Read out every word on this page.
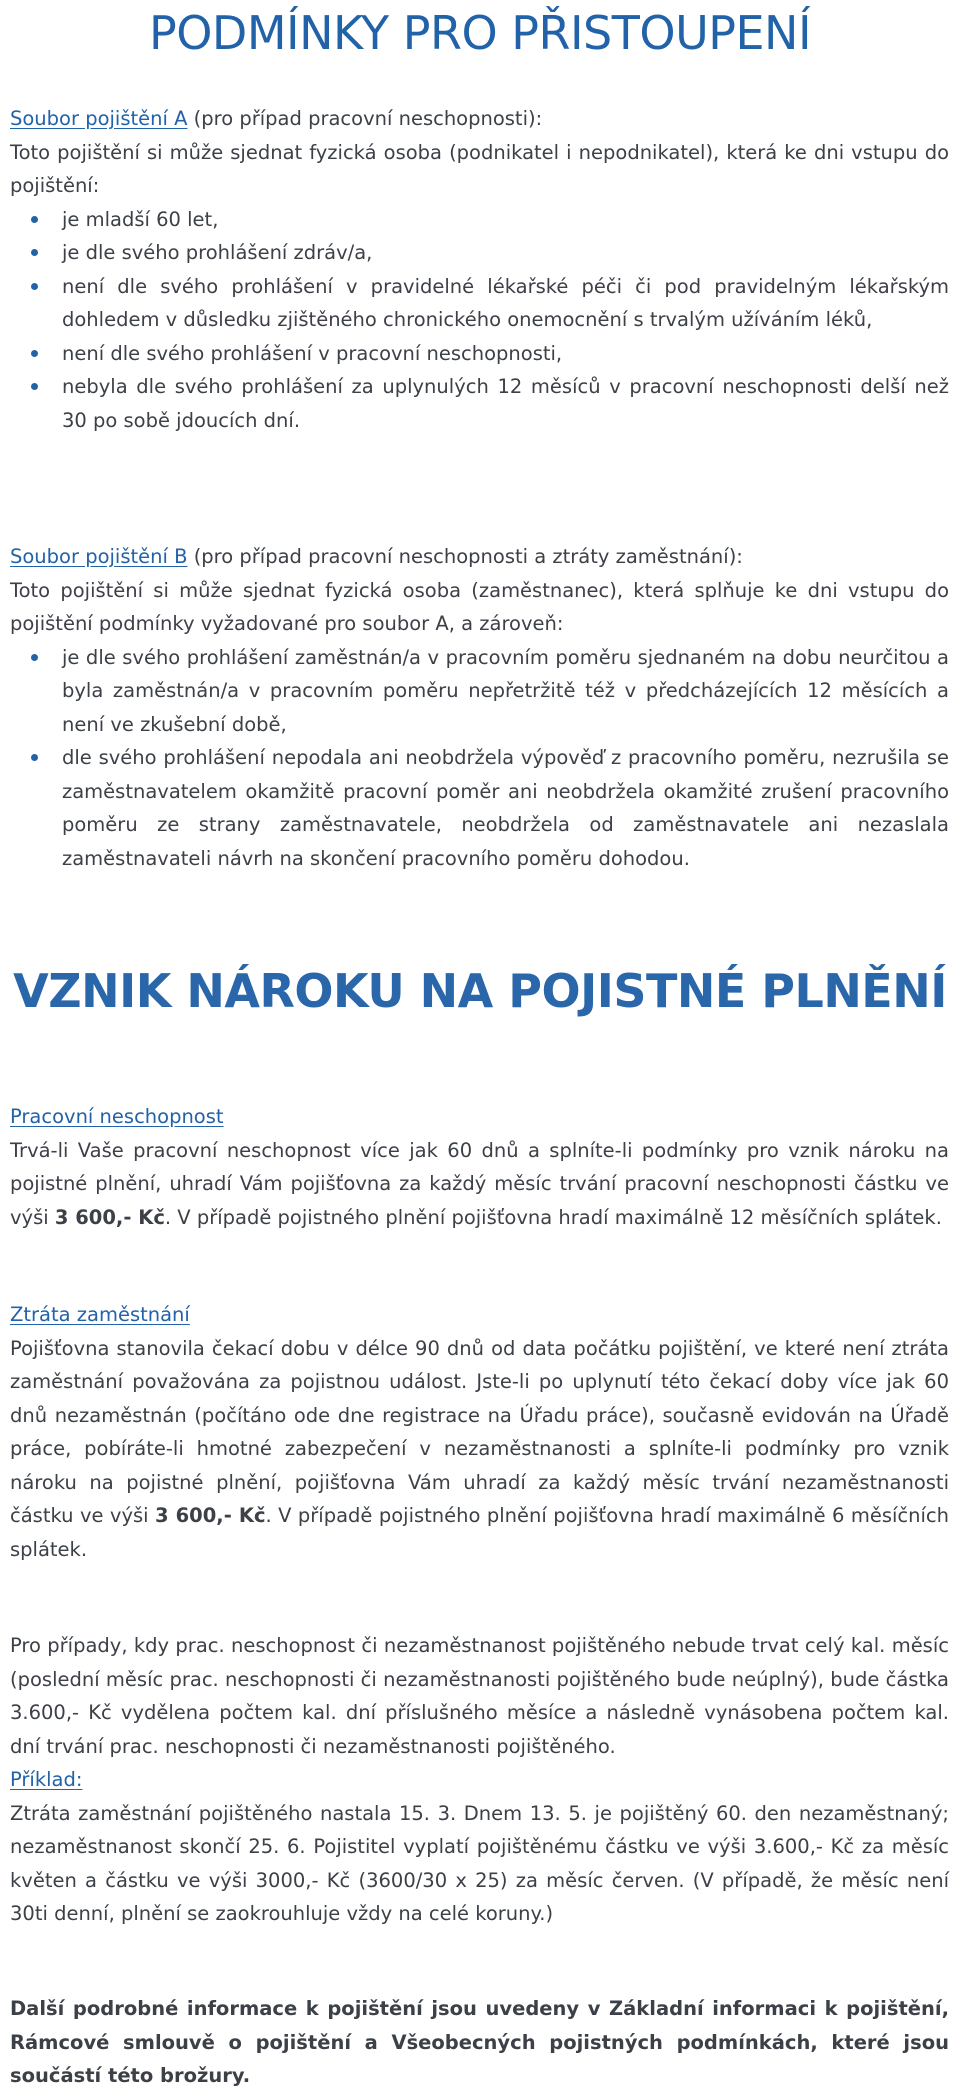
PODMÍNKY PRO PŘISTOUPENÍ

Soubor pojištění A (pro případ pracovní neschopnosti):

Toto pojištění si může sjednat fyzická osoba (podnikatel i nepodnikatel), která ke dni vstupu do pojištění:

je mladší 60 let,
je dle svého prohlášení zdráv/a,
není dle svého prohlášení v pravidelné lékařské péči či pod pravidelným lékařským dohledem v důsledku zjištěného chronického onemocnění s trvalým užíváním léků,
není dle svého prohlášení v pracovní neschopnosti,
nebyla dle svého prohlášení za uplynulých 12 měsíců v pracovní neschopnosti delší než 30 po sobě jdoucích dní.

Soubor pojištění B (pro případ pracovní neschopnosti a ztráty zaměstnání):

Toto pojištění si může sjednat fyzická osoba (zaměstnanec), která splňuje ke dni vstupu do pojištění podmínky vyžadované pro soubor A, a zároveň:

je dle svého prohlášení zaměstnán/a v pracovním poměru sjednaném na dobu neurčitou a byla zaměstnán/a v pracovním poměru nepřetržitě též v předcházejících 12 měsících a není ve zkušební době,
dle svého prohlášení nepodala ani neobdržela výpověď z pracovního poměru, nezrušila se zaměstnavatelem okamžitě pracovní poměr ani neobdržela okamžité zrušení pracovního poměru ze strany zaměstnavatele, neobdržela od zaměstnavatele ani nezaslala zaměstnavateli návrh na skončení pracovního poměru dohodou.
VZNIK NÁROKU NA POJISTNÉ PLNĚNÍ

Pracovní neschopnost

Trvá-li Vaše pracovní neschopnost více jak 60 dnů a splníte-li podmínky pro vznik nároku na pojistné plnění, uhradí Vám pojišťovna za každý měsíc trvání pracovní neschopnosti částku ve výši 3 600,- Kč. V případě pojistného plnění pojišťovna hradí maximálně 12 měsíčních splátek.

Ztráta zaměstnání

Pojišťovna stanovila čekací dobu v délce 90 dnů od data počátku pojištění, ve které není ztráta zaměstnání považována za pojistnou událost. Jste-li po uplynutí této čekací doby více jak 60 dnů nezaměstnán (počítáno ode dne registrace na Úřadu práce), současně evidován na Úřadě práce, pobíráte-li hmotné zabezpečení v nezaměstnanosti a splníte-li podmínky pro vznik nároku na pojistné plnění, pojišťovna Vám uhradí za každý měsíc trvání nezaměstnanosti částku ve výši 3 600,- Kč. V případě pojistného plnění pojišťovna hradí maximálně 6 měsíčních splátek.

Pro případy, kdy prac. neschopnost či nezaměstnanost pojištěného nebude trvat celý kal. měsíc (poslední měsíc prac. neschopnosti či nezaměstnanosti pojištěného bude neúplný), bude částka 3.600,- Kč vydělena počtem kal. dní příslušného měsíce a následně vynásobena počtem kal. dní trvání prac. neschopnosti či nezaměstnanosti pojištěného.

Příklad:

Ztráta zaměstnání pojištěného nastala 15. 3. Dnem 13. 5. je pojištěný 60. den nezaměstnaný; nezaměstnanost skončí 25. 6. Pojistitel vyplatí pojištěnému částku ve výši 3.600,- Kč za měsíc květen a částku ve výši 3000,- Kč (3600/30 x 25) za měsíc červen. (V případě, že měsíc není 30ti denní, plnění se zaokrouhluje vždy na celé koruny.)

Další podrobné informace k pojištění jsou uvedeny v Základní informaci k pojištění, Rámcové smlouvě o pojištění a Všeobecných pojistných podmínkách, které jsou součástí této brožury.
